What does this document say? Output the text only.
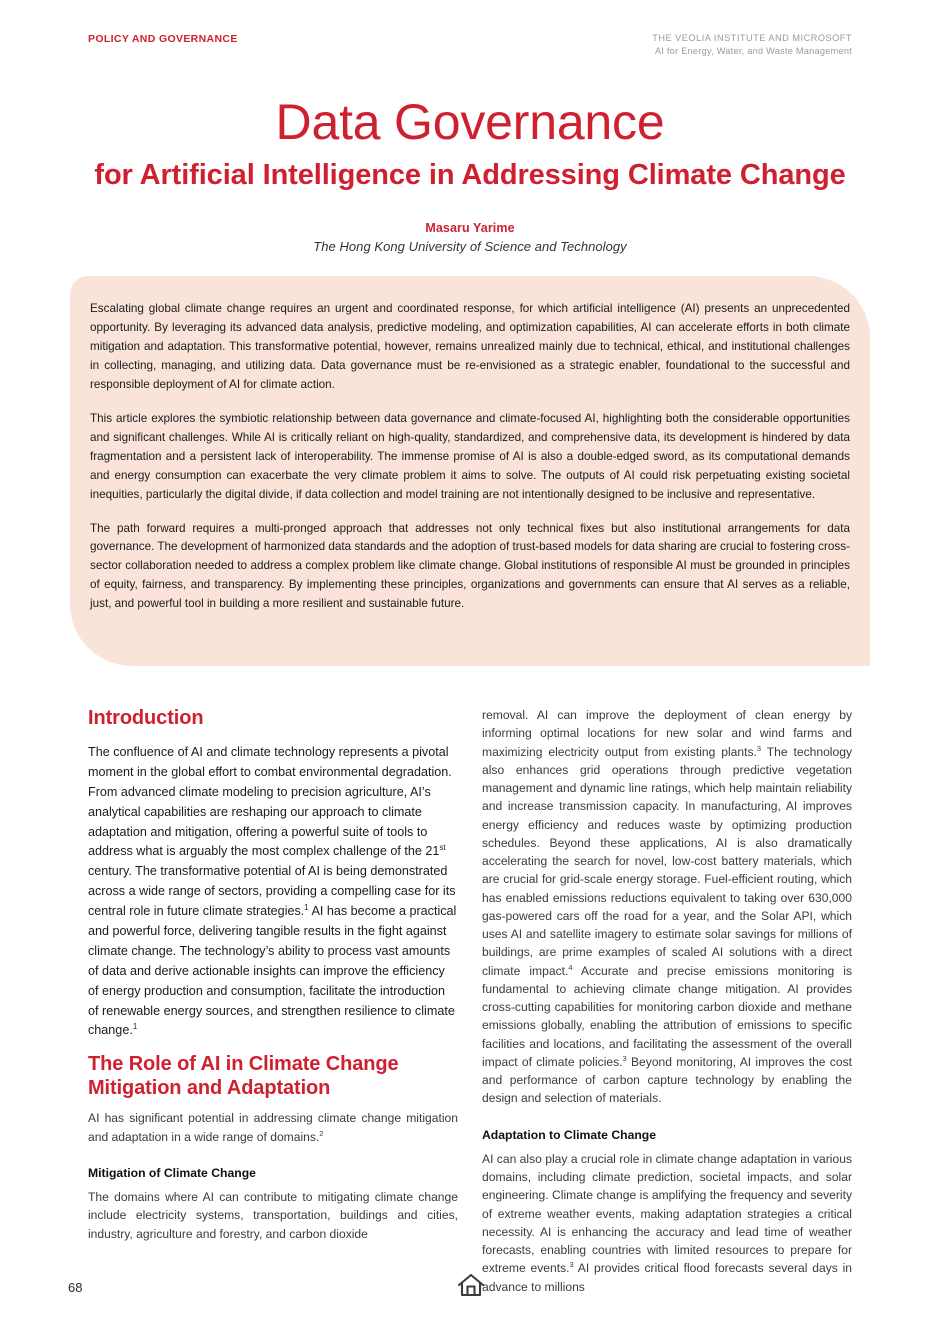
POLICY AND GOVERNANCE	THE VEOLIA INSTITUTE AND MICROSOFT
AI for Energy, Water, and Waste Management
Data Governance
for Artificial Intelligence in Addressing Climate Change
Masaru Yarime
The Hong Kong University of Science and Technology

Escalating global climate change requires an urgent and coordinated response, for which artificial intelligence (AI) presents an unprecedented opportunity. By leveraging its advanced data analysis, predictive modeling, and optimization capabilities, AI can accelerate efforts in both climate mitigation and adaptation. This transformative potential, however, remains unrealized mainly due to technical, ethical, and institutional challenges in collecting, managing, and utilizing data. Data governance must be re-envisioned as a strategic enabler, foundational to the successful and responsible deployment of AI for climate action.

This article explores the symbiotic relationship between data governance and climate-focused AI, highlighting both the considerable opportunities and significant challenges. While AI is critically reliant on high-quality, standardized, and comprehensive data, its development is hindered by data fragmentation and a persistent lack of interoperability. The immense promise of AI is also a double-edged sword, as its computational demands and energy consumption can exacerbate the very climate problem it aims to solve. The outputs of AI could risk perpetuating existing societal inequities, particularly the digital divide, if data collection and model training are not intentionally designed to be inclusive and representative.

The path forward requires a multi-pronged approach that addresses not only technical fixes but also institutional arrangements for data governance. The development of harmonized data standards and the adoption of trust-based models for data sharing are crucial to fostering cross-sector collaboration needed to address a complex problem like climate change. Global institutions of responsible AI must be grounded in principles of equity, fairness, and transparency. By implementing these principles, organizations and governments can ensure that AI serves as a reliable, just, and powerful tool in building a more resilient and sustainable future.

Introduction

The confluence of AI and climate technology represents a pivotal moment in the global effort to combat environmental degradation. From advanced climate modeling to precision agriculture, AI’s analytical capabilities are reshaping our approach to climate adaptation and mitigation, offering a powerful suite of tools to address what is arguably the most complex challenge of the 21st century. The transformative potential of AI is being demonstrated across a wide range of sectors, providing a compelling case for its central role in future climate strategies.$^1$ AI has become a practical and powerful force, delivering tangible results in the fight against climate change. The technology’s ability to process vast amounts of data and derive actionable insights can improve the efficiency of energy production and consumption, facilitate the introduction of renewable energy sources, and strengthen resilience to climate change.$^1$

The Role of AI in Climate Change
Mitigation and Adaptation

AI has significant potential in addressing climate change mitigation and adaptation in a wide range of domains.$^2$

Mitigation of Climate Change

The domains where AI can contribute to mitigating climate change include electricity systems, transportation, buildings and cities, industry, agriculture and forestry, and carbon dioxide

removal. AI can improve the deployment of clean energy by informing optimal locations for new solar and wind farms and maximizing electricity output from existing plants.$^3$ The technology also enhances grid operations through predictive vegetation management and dynamic line ratings, which help maintain reliability and increase transmission capacity. In manufacturing, AI improves energy efficiency and reduces waste by optimizing production schedules. Beyond these applications, AI is also dramatically accelerating the search for novel, low-cost battery materials, which are crucial for grid-scale energy storage. Fuel-efficient routing, which has enabled emissions reductions equivalent to taking over 630,000 gas-powered cars off the road for a year, and the Solar API, which uses AI and satellite imagery to estimate solar savings for millions of buildings, are prime examples of scaled AI solutions with a direct climate impact.$^4$ Accurate and precise emissions monitoring is fundamental to achieving climate change mitigation. AI provides cross-cutting capabilities for monitoring carbon dioxide and methane emissions globally, enabling the attribution of emissions to specific facilities and locations, and facilitating the assessment of the overall impact of climate policies.$^3$ Beyond monitoring, AI improves the cost and performance of carbon capture technology by enabling the design and selection of materials.

Adaptation to Climate Change

AI can also play a crucial role in climate change adaptation in various domains, including climate prediction, societal impacts, and solar engineering. Climate change is amplifying the frequency and severity of extreme weather events, making adaptation strategies a critical necessity. AI is enhancing the accuracy and lead time of weather forecasts, enabling countries with limited resources to prepare for extreme events.$^3$ AI provides critical flood forecasts several days in advance to millions

68
